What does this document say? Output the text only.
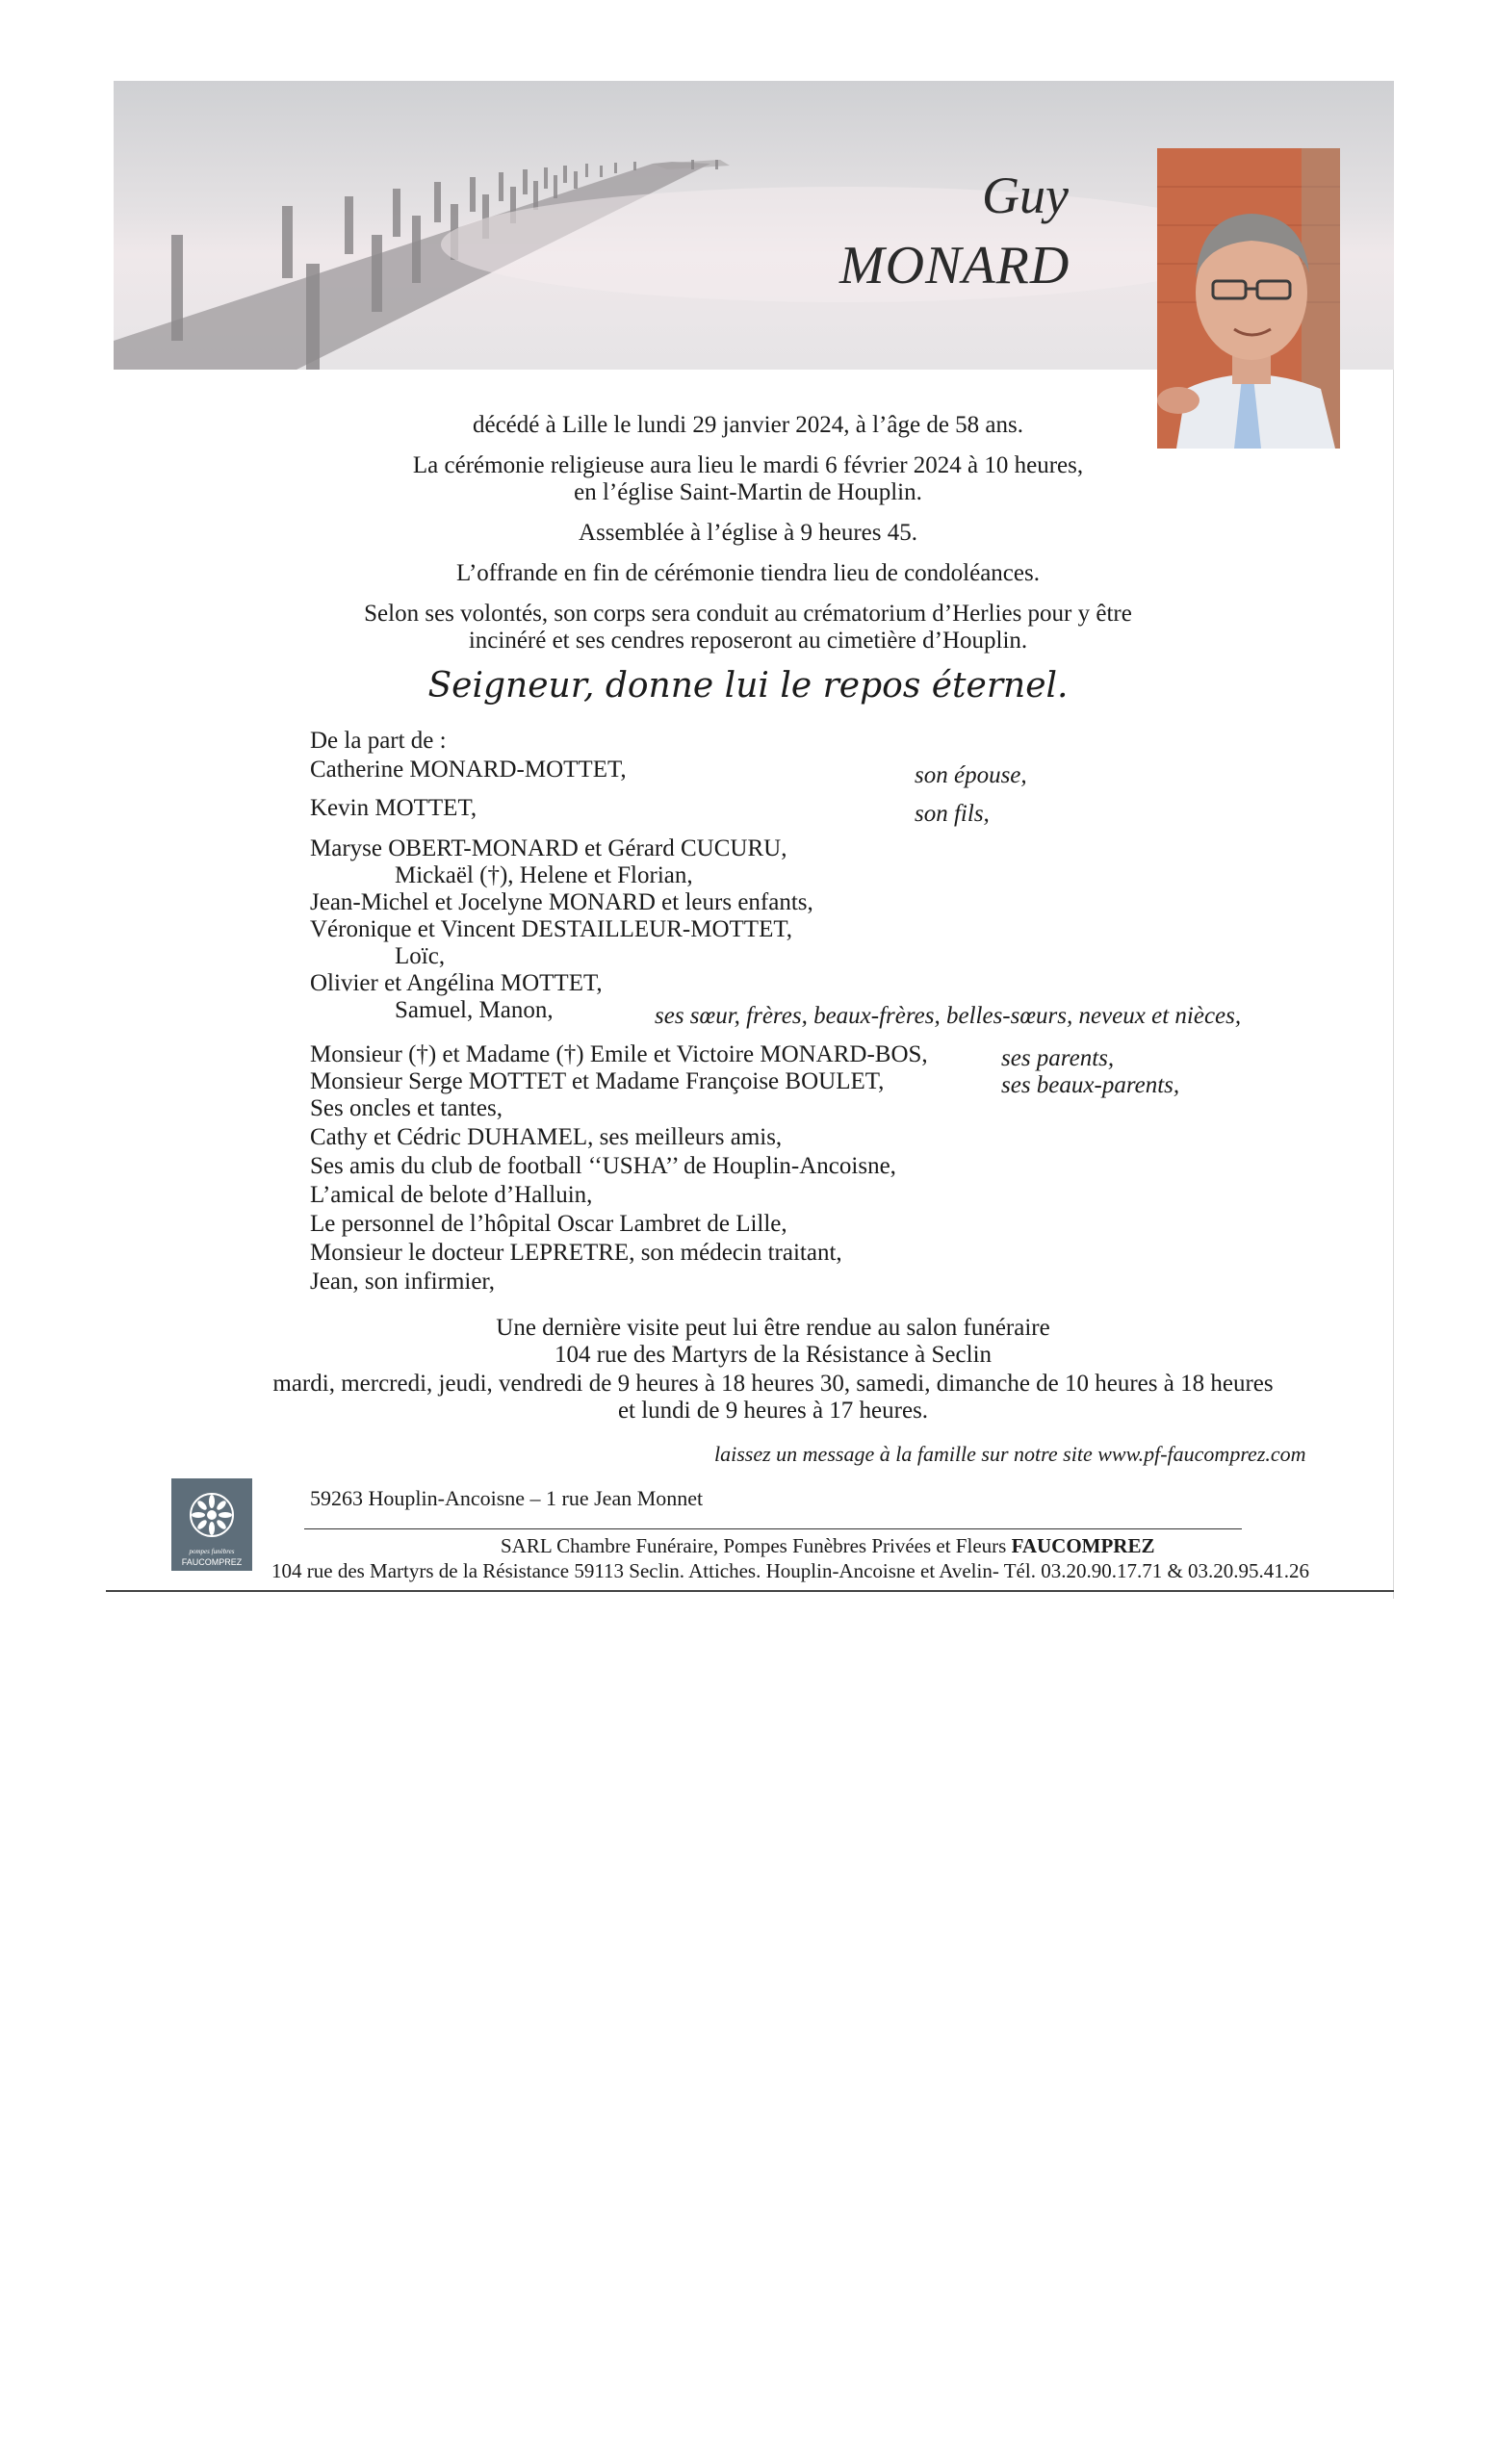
Guy
MONARD
décédé à Lille le lundi 29 janvier 2024, à l’âge de 58 ans.
La cérémonie religieuse aura lieu le mardi 6 février 2024 à 10 heures,
en l’église Saint-Martin de Houplin.
Assemblée à l’église à 9 heures 45.
L’offrande en fin de cérémonie tiendra lieu de condoléances.
Selon ses volontés, son corps sera conduit au crématorium d’Herlies pour y être
incinéré et ses cendres reposeront au cimetière d’Houplin.
Seigneur, donne lui le repos éternel.
De la part de :
Catherine MONARD-MOTTET,	son épouse,
Kevin MOTTET,	son fils,
Maryse OBERT-MONARD et Gérard CUCURU,
Mickaël (†), Helene et Florian,
Jean-Michel et Jocelyne MONARD et leurs enfants,
Véronique et Vincent DESTAILLEUR-MOTTET,
Loïc,
Olivier et Angélina MOTTET,
Samuel, Manon,	ses sœur, frères, beaux-frères, belles-sœurs, neveux et nièces,
Monsieur (†) et Madame (†) Emile et Victoire MONARD-BOS,	ses parents,
Monsieur Serge MOTTET et Madame Françoise BOULET,	ses beaux-parents,
Ses oncles et tantes,
Cathy et Cédric DUHAMEL, ses meilleurs amis,
Ses amis du club de football ‘‘USHA’’ de Houplin-Ancoisne,
L’amical de belote d’Halluin,
Le personnel de l’hôpital Oscar Lambret de Lille,
Monsieur le docteur LEPRETRE, son médecin traitant,
Jean, son infirmier,
Une dernière visite peut lui être rendue au salon funéraire
104 rue des Martyrs de la Résistance à Seclin
mardi, mercredi, jeudi, vendredi de 9 heures à 18 heures 30, samedi, dimanche de 10 heures à 18 heures
et lundi de 9 heures à 17 heures.
laissez un message à la famille sur notre site www.pf-faucomprez.com
pompes funèbres
FAUCOMPREZ
59263 Houplin-Ancoisne – 1 rue Jean Monnet
SARL Chambre Funéraire, Pompes Funèbres Privées et Fleurs FAUCOMPREZ
104 rue des Martyrs de la Résistance 59113 Seclin. Attiches. Houplin-Ancoisne et Avelin- Tél. 03.20.90.17.71 & 03.20.95.41.26
